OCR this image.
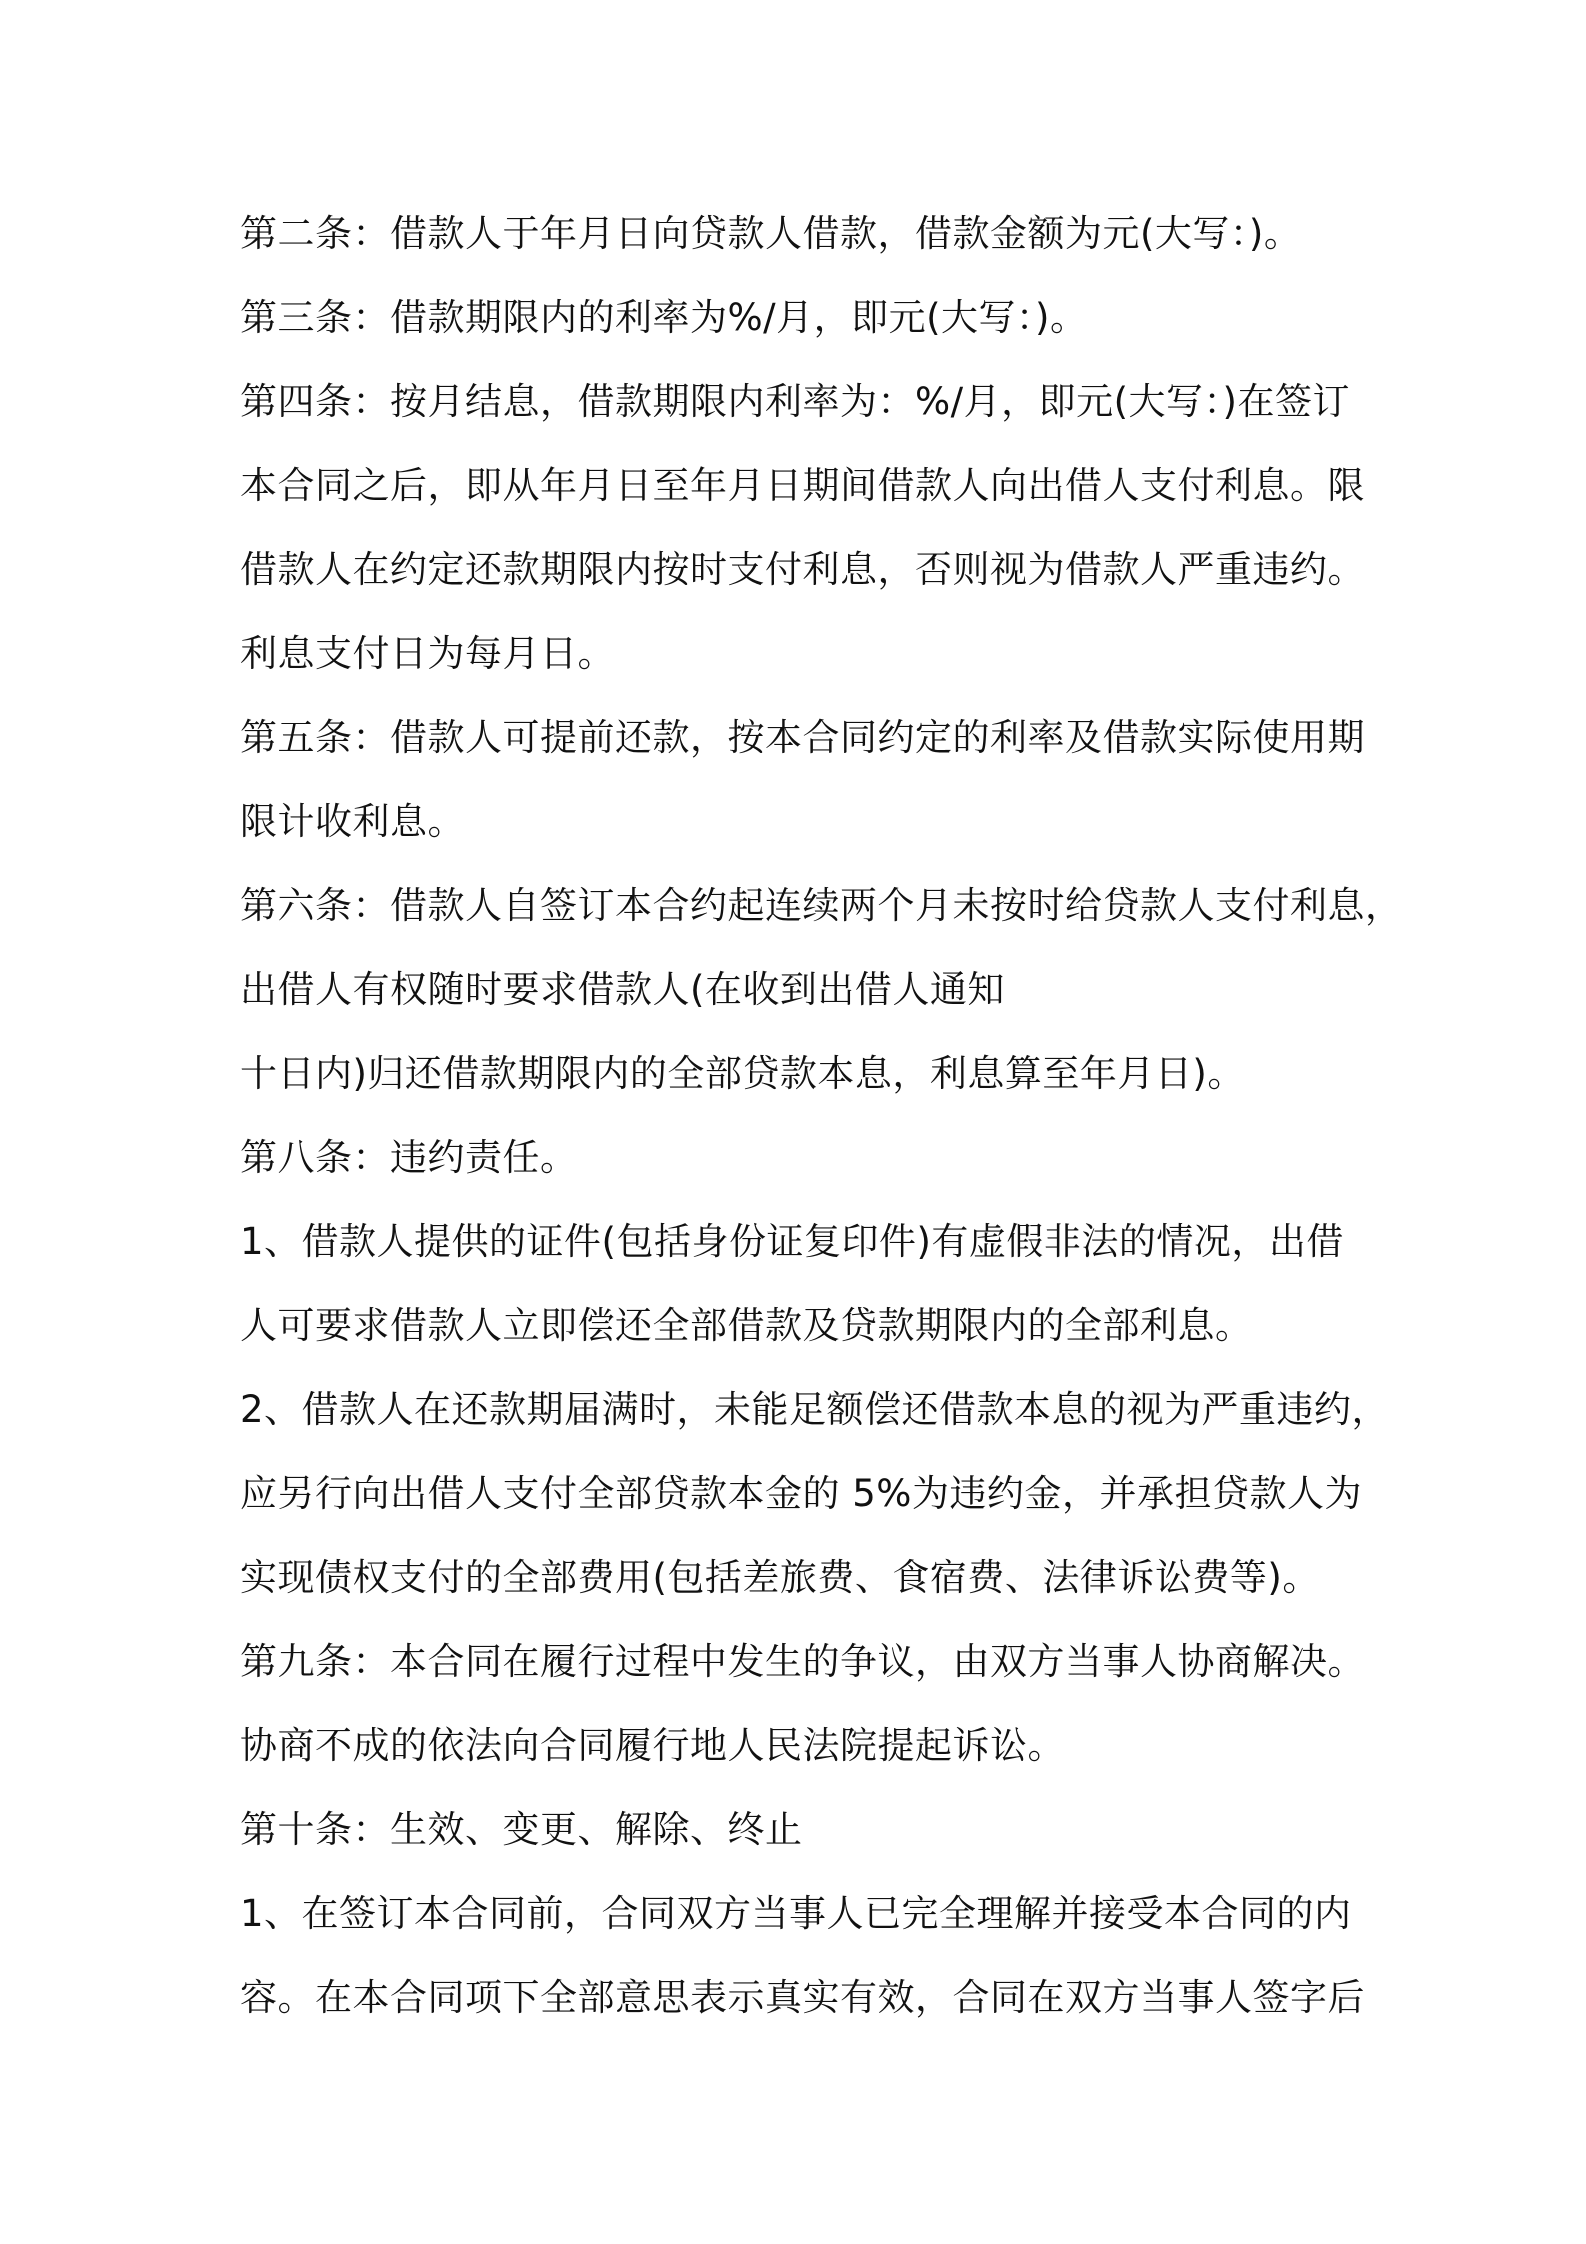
第二条：借款人于年月日向贷款人借款，借款金额为元(大写：)。
第三条：借款期限内的利率为%/月，即元(大写：)。
第四条：按月结息，借款期限内利率为：%/月，即元(大写：)在签订
本合同之后，即从年月日至年月日期间借款人向出借人支付利息。限
借款人在约定还款期限内按时支付利息，否则视为借款人严重违约。
利息支付日为每月日。
第五条：借款人可提前还款，按本合同约定的利率及借款实际使用期
限计收利息。
第六条：借款人自签订本合约起连续两个月未按时给贷款人支付利息，
出借人有权随时要求借款人(在收到出借人通知
十日内)归还借款期限内的全部贷款本息，利息算至年月日)。
第八条：违约责任。
1、借款人提供的证件(包括身份证复印件)有虚假非法的情况，出借
人可要求借款人立即偿还全部借款及贷款期限内的全部利息。
2、借款人在还款期届满时，未能足额偿还借款本息的视为严重违约，
应另行向出借人支付全部贷款本金的 5%为违约金，并承担贷款人为
实现债权支付的全部费用(包括差旅费、食宿费、法律诉讼费等)。
第九条：本合同在履行过程中发生的争议，由双方当事人协商解决。
协商不成的依法向合同履行地人民法院提起诉讼。
第十条：生效、变更、解除、终止
1、在签订本合同前，合同双方当事人已完全理解并接受本合同的内
容。在本合同项下全部意思表示真实有效，合同在双方当事人签字后
